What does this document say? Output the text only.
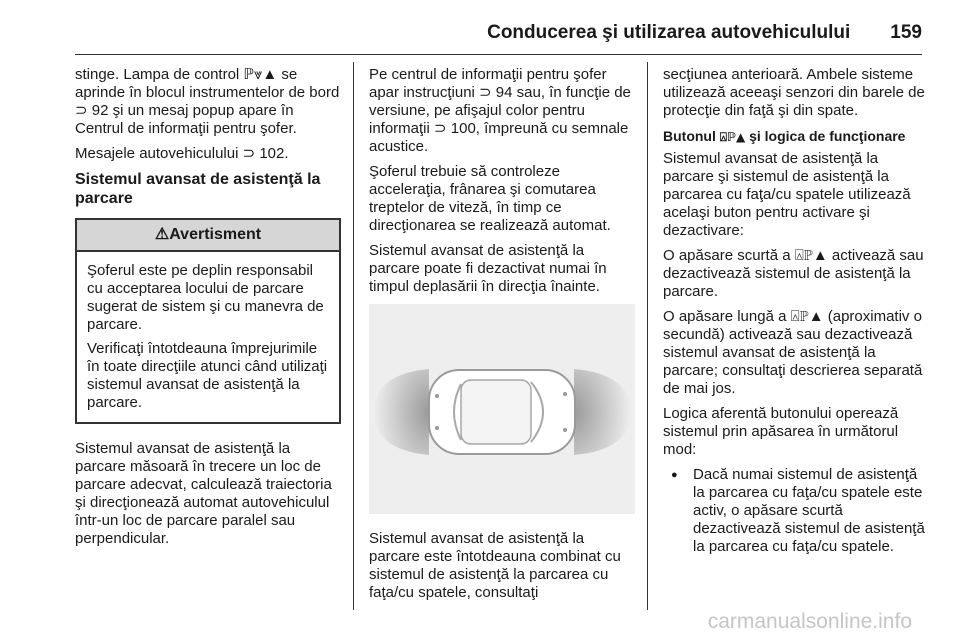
Conducerea şi utilizarea autovehiculului 159

stinge. Lampa de control ℙ⩔▲ se aprinde în blocul instrumentelor de bord ⊃ 92 şi un mesaj popup apare în Centrul de informaţii pentru şofer.

Mesajele autovehiculului ⊃ 102.

Sistemul avansat de asistenţă la parcare
⚠Avertisment

Şoferul este pe deplin responsabil cu acceptarea locului de parcare sugerat de sistem şi cu manevra de parcare.

Verificaţi întotdeauna împrejurimile în toate direcţiile atunci când utilizaţi sistemul avansat de asistenţă la parcare.

Sistemul avansat de asistenţă la parcare măsoară în trecere un loc de parcare adecvat, calculează traiectoria şi direcţionează automat autovehiculul într-un loc de parcare paralel sau perpendicular.

Pe centrul de informaţii pentru şofer apar instrucţiuni ⊃ 94 sau, în funcţie de versiune, pe afişajul color pentru informaţii ⊃ 100, împreună cu semnale acustice.

Şoferul trebuie să controleze acceleraţia, frânarea şi comutarea treptelor de viteză, în timp ce direcţionarea se realizează automat.

Sistemul avansat de asistenţă la parcare poate fi dezactivat numai în timpul deplasării în direcţia înainte.

Sistemul avansat de asistenţă la parcare este întotdeauna combinat cu sistemul de asistenţă la parcarea cu faţa/cu spatele, consultaţi

secţiunea anterioară. Ambele sisteme utilizează aceeaşi senzori din barele de protecţie din faţă şi din spate.

Butonul ⍓ℙ▲ şi logica de funcţionare

Sistemul avansat de asistenţă la parcare şi sistemul de asistenţă la parcarea cu faţa/cu spatele utilizează acelaşi buton pentru activare şi dezactivare:

O apăsare scurtă a ⍓ℙ▲ activează sau dezactivează sistemul de asistenţă la parcare.

O apăsare lungă a ⍓ℙ▲ (aproximativ o secundă) activează sau dezactivează sistemul avansat de asistenţă la parcare; consultaţi descrierea separată de mai jos.

Logica aferentă butonului operează sistemul prin apăsarea în următorul mod:

● Dacă numai sistemul de asistenţă la parcarea cu faţa/cu spatele este activ, o apăsare scurtă dezactivează sistemul de asistenţă la parcarea cu faţa/cu spatele.
carmanualsonline.info
